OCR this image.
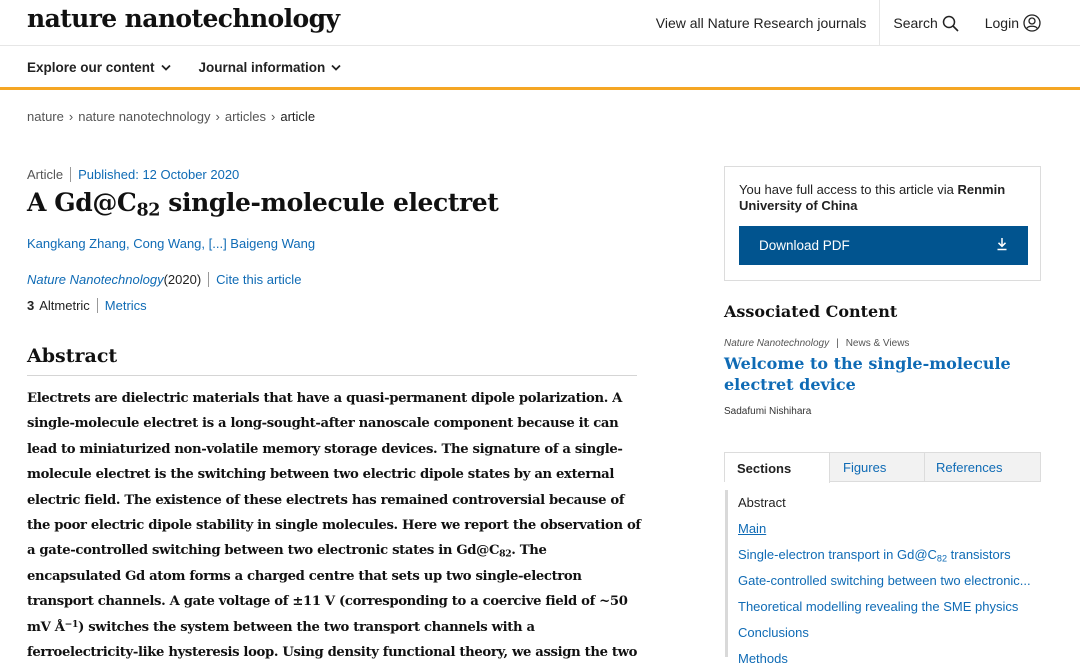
nature nanotechnology	View all Nature Research journals	Search	Login
Explore our content	Journal information
nature › nature nanotechnology › articles › article
Article Published: 12 October 2020
A $Gd@C_{82}$ single-molecule electret
Kangkang Zhang, Cong Wang, [...] Baigeng Wang
Nature Nanotechnology (2020) Cite this article
3 Altmetric Metrics
Abstract
Electrets are dielectric materials that have a quasi-permanent dipole polarization. A
single-molecule electret is a long-sought-after nanoscale component because it can
lead to miniaturized non-volatile memory storage devices. The signature of a single-
molecule electret is the switching between two electric dipole states by an external
electric field. The existence of these electrets has remained controversial because of
the poor electric dipole stability in single molecules. Here we report the observation of
a gate-controlled switching between two electronic states in $Gd@C_{82}$. The
encapsulated Gd atom forms a charged centre that sets up two single-electron
transport channels. A gate voltage of ±11 V (corresponding to a coercive field of ~50
mV $Å^{-1}$) switches the system between the two transport channels with a
ferroelectricity-like hysteresis loop. Using density functional theory, we assign the two
You have full access to this article via Renmin University of China
Download PDF
Associated Content
Nature Nanotechnology | News & Views
Welcome to the single-molecule electret device
Sadafumi Nishihara
Sections	Figures	References
Abstract
Main
Single-electron transport in $Gd@C_{82}$ transistors
Gate-controlled switching between two electronic...
Theoretical modelling revealing the SME physics
Conclusions
Methods
